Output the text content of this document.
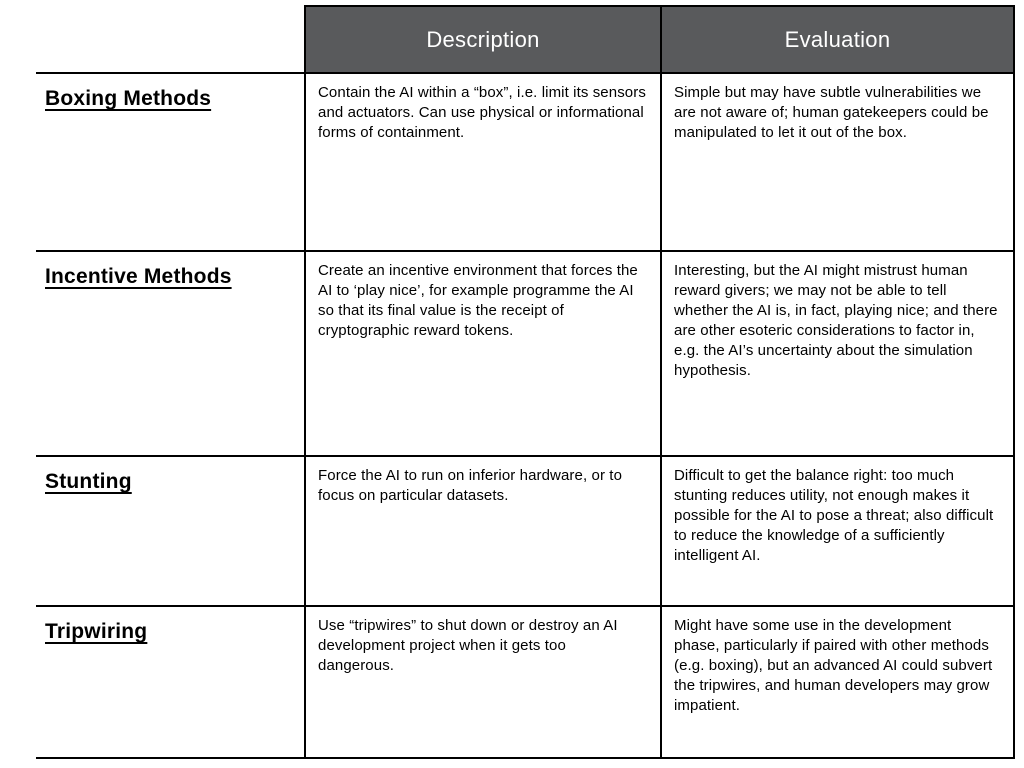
	Description	Evaluation
Boxing Methods	Contain the AI within a “box”, i.e. limit its sensors and actuators. Can use physical or informational forms of containment.	Simple but may have subtle vulnerabilities we are not aware of; human gatekeepers could be manipulated to let it out of the box.
Incentive Methods	Create an incentive environment that forces the AI to ‘play nice’, for example programme the AI so that its final value is the receipt of cryptographic reward tokens.	Interesting, but the AI might mistrust human reward givers; we may not be able to tell whether the AI is, in fact, playing nice; and there are other esoteric considerations to factor in, e.g. the AI’s uncertainty about the simulation hypothesis.
Stunting	Force the AI to run on inferior hardware, or to focus on particular datasets.	Difficult to get the balance right: too much stunting reduces utility, not enough makes it possible for the AI to pose a threat; also difficult to reduce the knowledge of a sufficiently intelligent AI.
Tripwiring	Use “tripwires” to shut down or destroy an AI development project when it gets too dangerous.	Might have some use in the development phase, particularly if paired with other methods (e.g. boxing), but an advanced AI could subvert the tripwires, and human developers may grow impatient.
